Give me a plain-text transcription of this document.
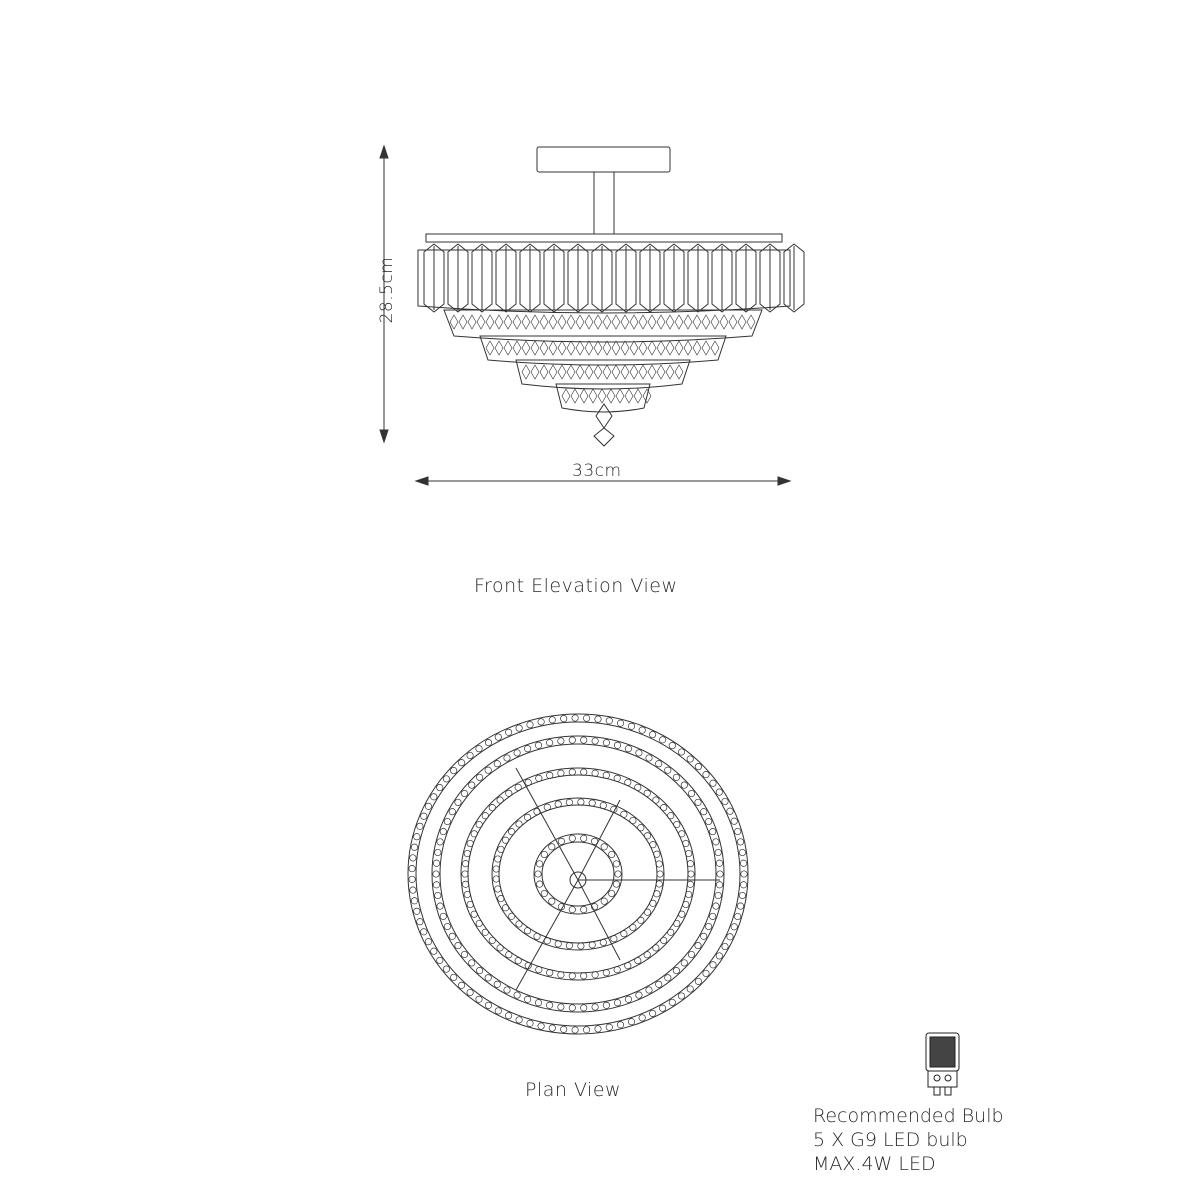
28.5cm
33cm
Front Elevation View
Plan View
Recommended Bulb
5 X G9 LED bulb
MAX.4W LED
